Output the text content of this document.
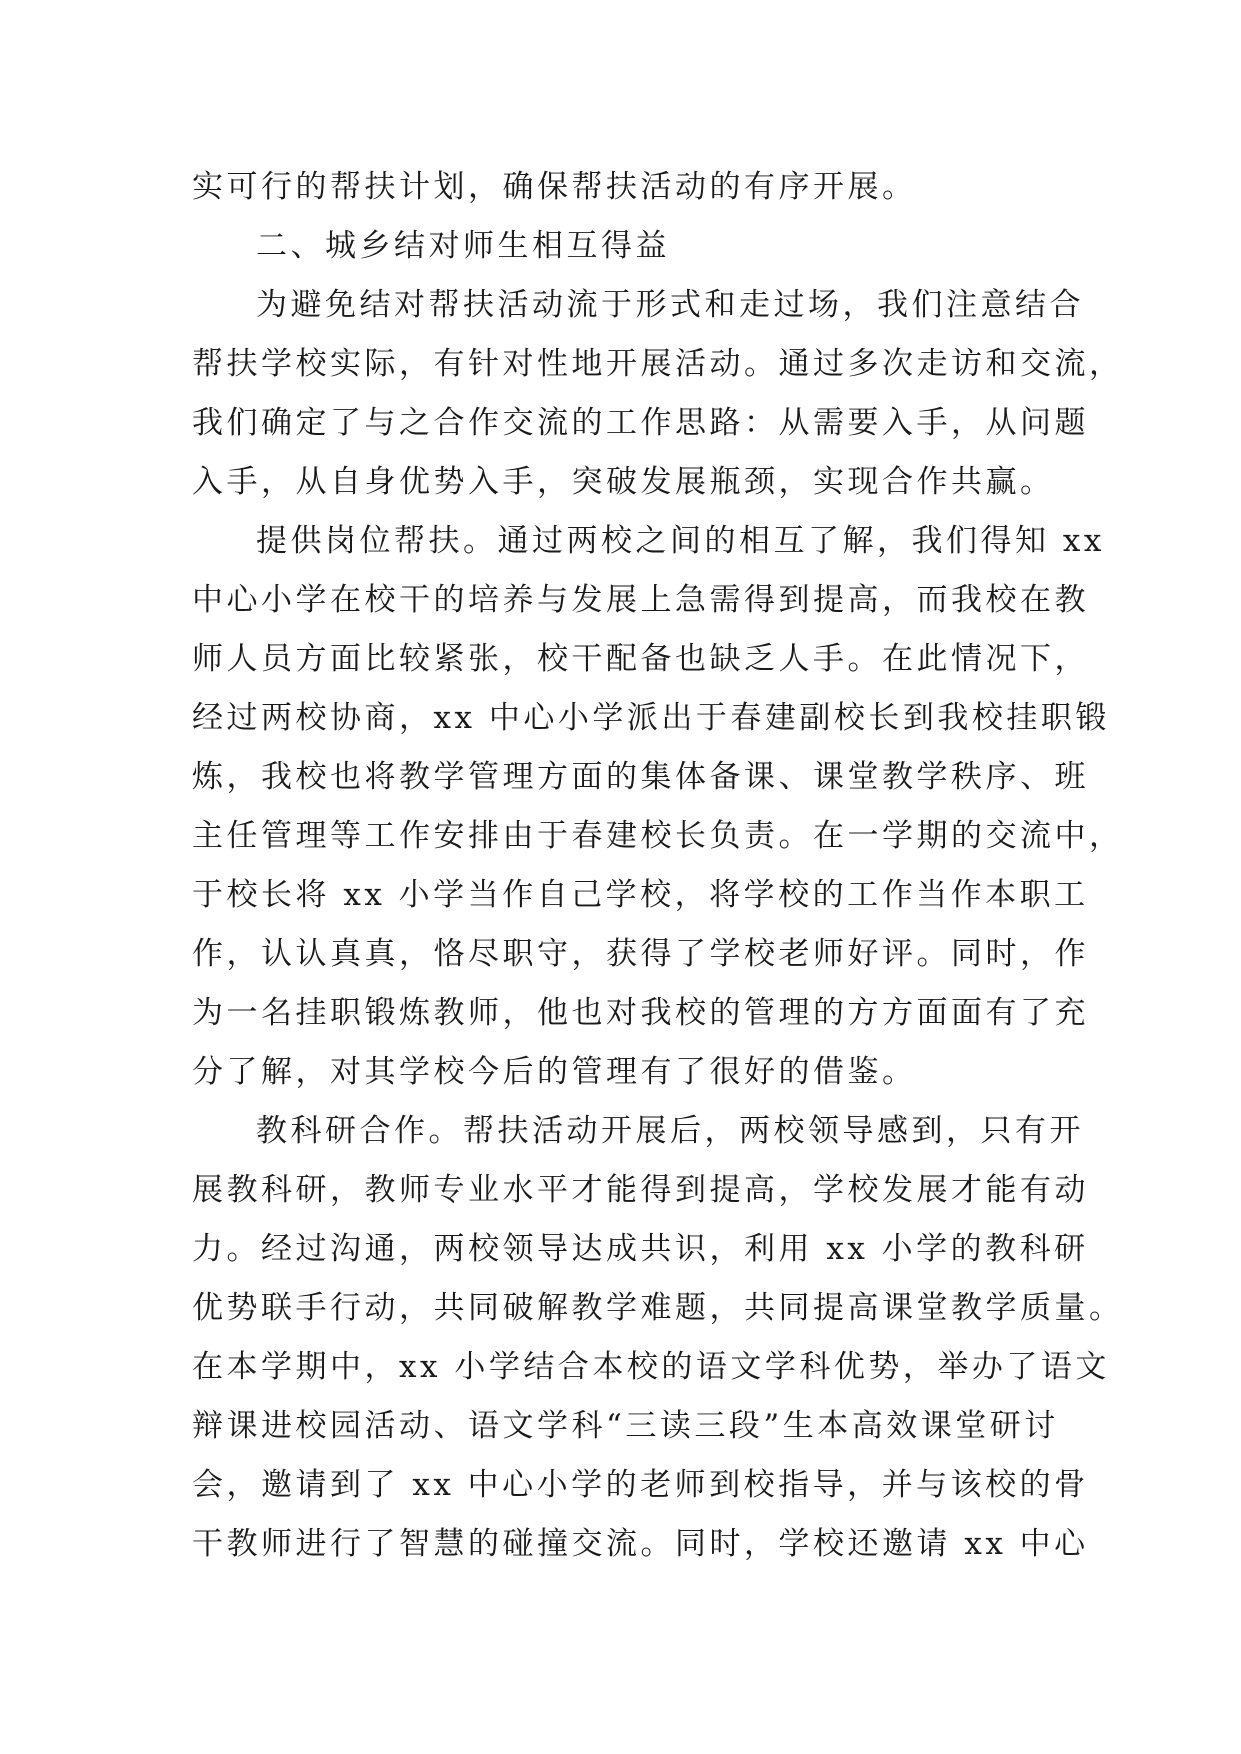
实可行的帮扶计划，确保帮扶活动的有序开展。
二、城乡结对师生相互得益
为避免结对帮扶活动流于形式和走过场，我们注意结合
帮扶学校实际，有针对性地开展活动。通过多次走访和交流，
我们确定了与之合作交流的工作思路：从需要入手，从问题
入手，从自身优势入手，突破发展瓶颈，实现合作共赢。
提供岗位帮扶。通过两校之间的相互了解，我们得知 xx
中心小学在校干的培养与发展上急需得到提高，而我校在教
师人员方面比较紧张，校干配备也缺乏人手。在此情况下，
经过两校协商，xx 中心小学派出于春建副校长到我校挂职锻
炼，我校也将教学管理方面的集体备课、课堂教学秩序、班
主任管理等工作安排由于春建校长负责。在一学期的交流中，
于校长将 xx 小学当作自己学校，将学校的工作当作本职工
作，认认真真，恪尽职守，获得了学校老师好评。同时，作
为一名挂职锻炼教师，他也对我校的管理的方方面面有了充
分了解，对其学校今后的管理有了很好的借鉴。
教科研合作。帮扶活动开展后，两校领导感到，只有开
展教科研，教师专业水平才能得到提高，学校发展才能有动
力。经过沟通，两校领导达成共识，利用 xx 小学的教科研
优势联手行动，共同破解教学难题，共同提高课堂教学质量。
在本学期中，xx 小学结合本校的语文学科优势，举办了语文
辩课进校园活动、语文学科“三读三段”生本高效课堂研讨
会，邀请到了 xx 中心小学的老师到校指导，并与该校的骨
干教师进行了智慧的碰撞交流。同时，学校还邀请 xx 中心
